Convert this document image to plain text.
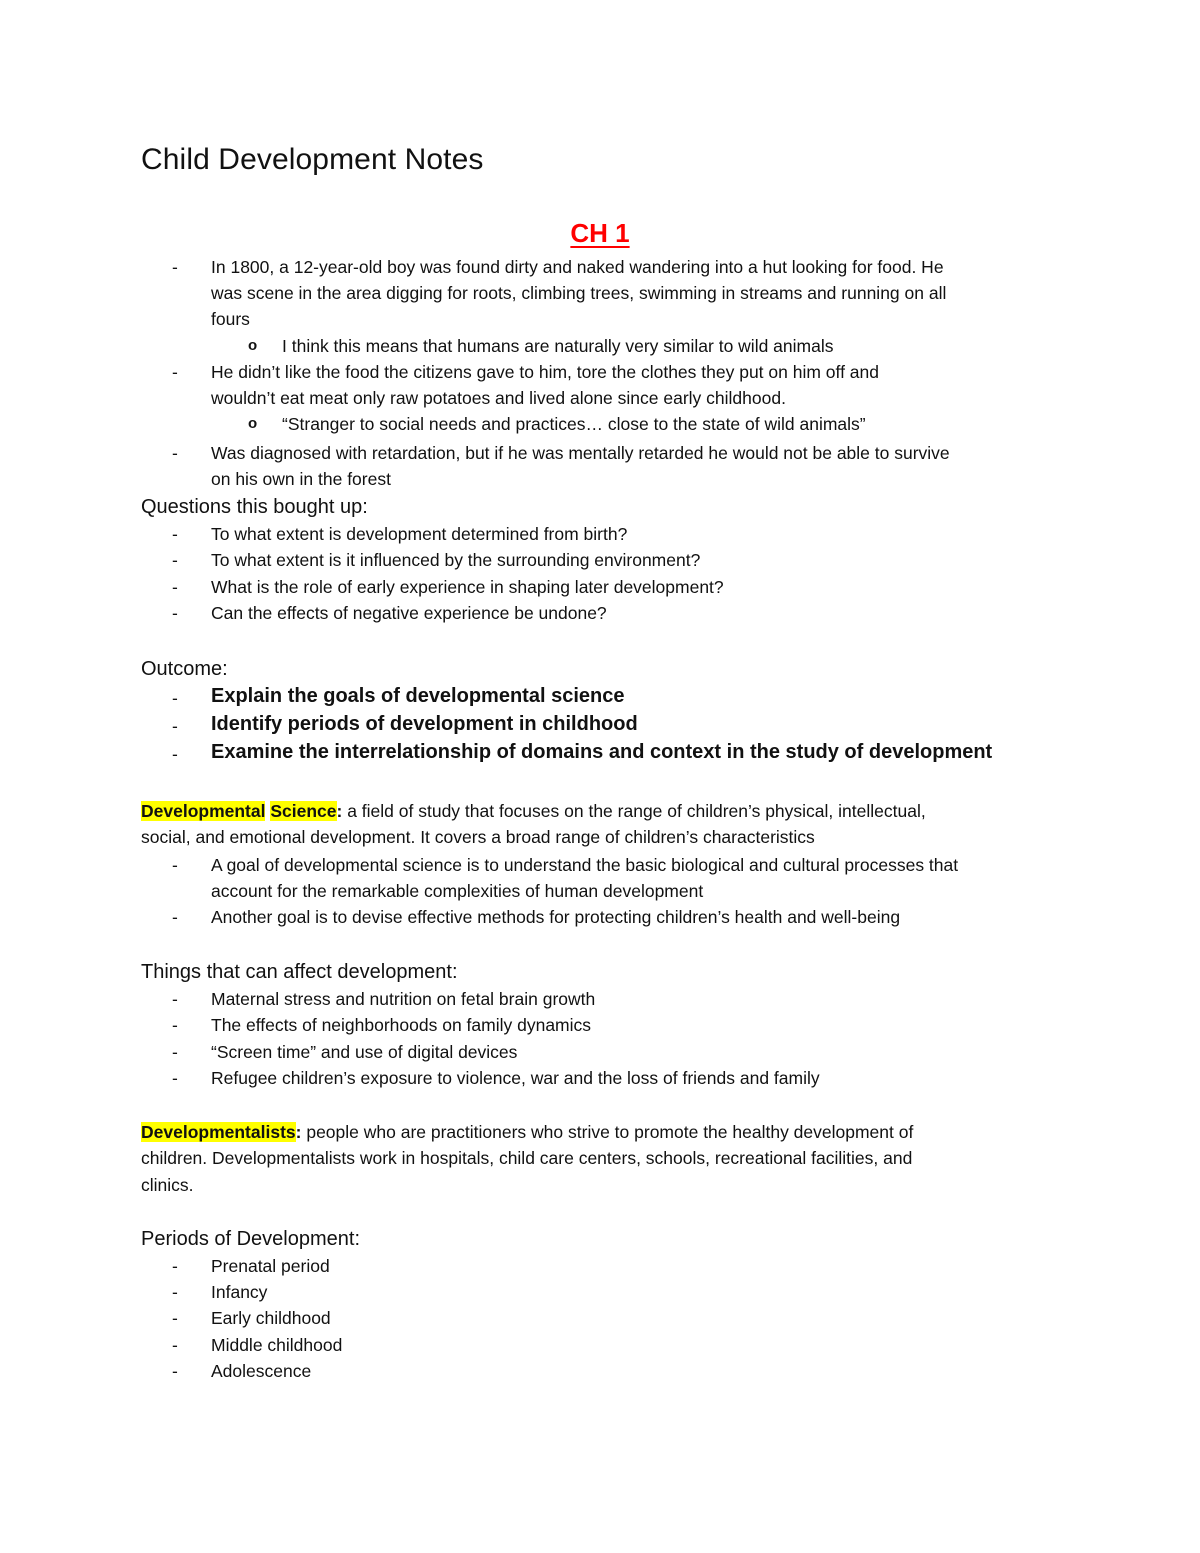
Child Development Notes
CH 1
- In 1800, a 12-year-old boy was found dirty and naked wandering into a hut looking for food. He
was scene in the area digging for roots, climbing trees, swimming in streams and running on all
fours
o I think this means that humans are naturally very similar to wild animals
- He didn’t like the food the citizens gave to him, tore the clothes they put on him off and
wouldn’t eat meat only raw potatoes and lived alone since early childhood.
o “Stranger to social needs and practices… close to the state of wild animals”
- Was diagnosed with retardation, but if he was mentally retarded he would not be able to survive
on his own in the forest
Questions this bought up:
- To what extent is development determined from birth?
- To what extent is it influenced by the surrounding environment?
- What is the role of early experience in shaping later development?
- Can the effects of negative experience be undone?
Outcome:
- Explain the goals of developmental science
- Identify periods of development in childhood
- Examine the interrelationship of domains and context in the study of development
Developmental Science: a field of study that focuses on the range of children’s physical, intellectual,
social, and emotional development. It covers a broad range of children’s characteristics
- A goal of developmental science is to understand the basic biological and cultural processes that
account for the remarkable complexities of human development
- Another goal is to devise effective methods for protecting children’s health and well-being
Things that can affect development:
- Maternal stress and nutrition on fetal brain growth
- The effects of neighborhoods on family dynamics
- “Screen time” and use of digital devices
- Refugee children’s exposure to violence, war and the loss of friends and family
Developmentalists: people who are practitioners who strive to promote the healthy development of
children. Developmentalists work in hospitals, child care centers, schools, recreational facilities, and
clinics.
Periods of Development:
- Prenatal period
- Infancy
- Early childhood
- Middle childhood
- Adolescence
